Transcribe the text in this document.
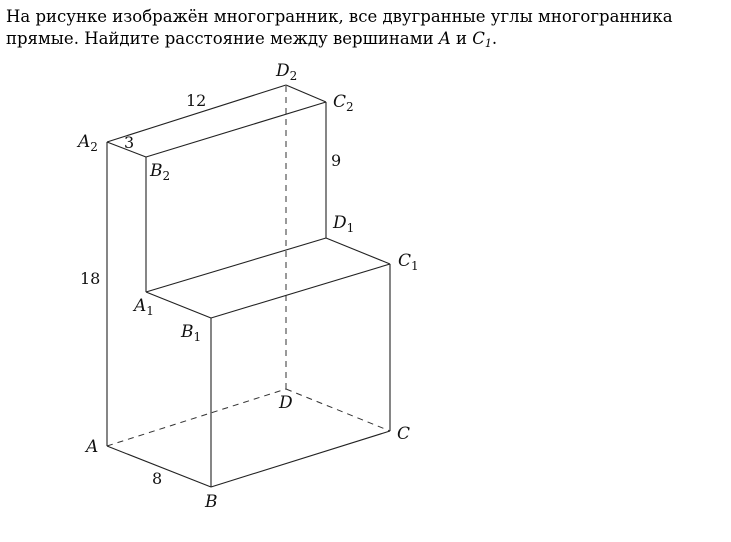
На рисунке изображён многогранник, все двугранные углы многогранника
прямые. Найдите расстояние между вершинами A и $C_1$.
$D_2$
$C_2$
$A_2$
$B_2$
$D_1$
$C_1$
$A_1$
$B_1$
D
C
A
B
12
3
9
18
8
